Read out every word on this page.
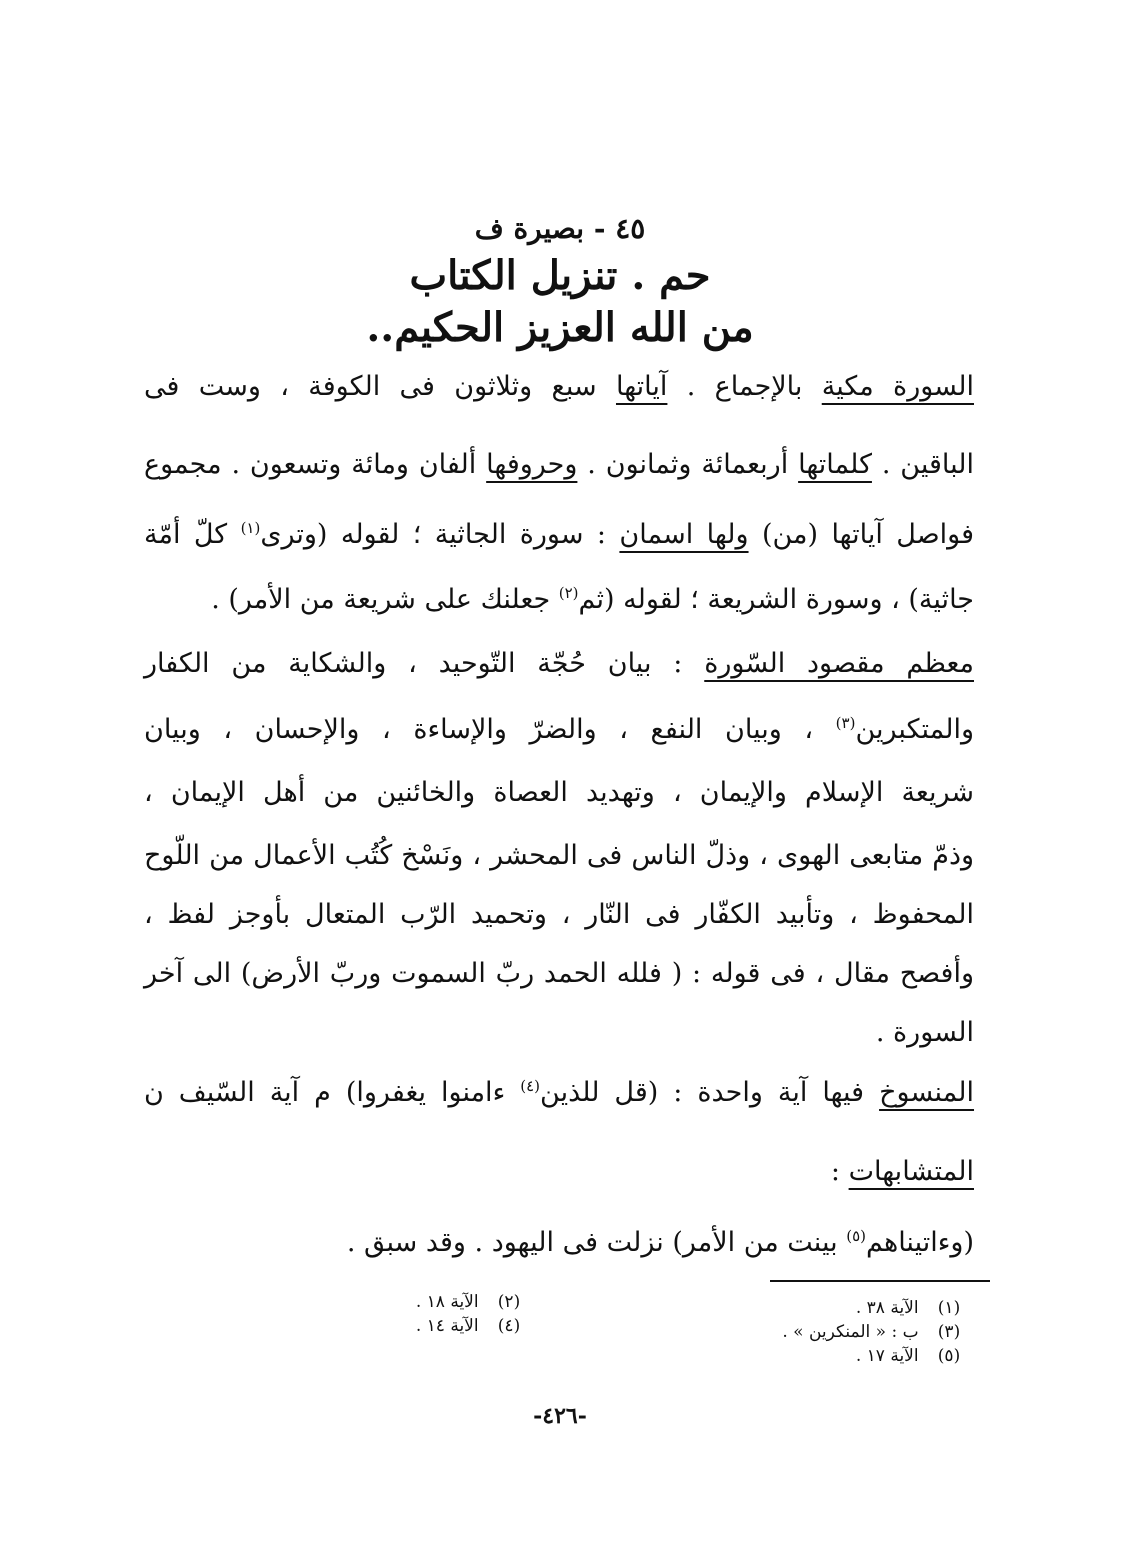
٤٥ - بصيرة ف
حم . تنزيل الكتاب
من الله العزيز الحكيم..
السورة مكية بالإجماع . آياتها سبع وثلاثون فى الكوفة ، وست فى
الباقين . كلماتها أربعمائة وثمانون . وحروفها ألفان ومائة وتسعون . مجموع
فواصل آياتها (من) ولها اسمان : سورة الجاثية ؛ لقوله (وترى$^{(١)}$ كلّ أمّة
جاثية) ، وسورة الشريعة ؛ لقوله (ثم$^{(٢)}$ جعلنك على شريعة من الأمر) .
معظم مقصود السّورة : بيان حُجّة التّوحيد ، والشكاية من الكفار
والمتكبرين$^{(٣)}$ ، وبيان النفع ، والضرّ والإساءة ، والإحسان ، وبيان
شريعة الإسلام والإيمان ، وتهديد العصاة والخائنين من أهل الإيمان ،
وذمّ متابعى الهوى ، وذلّ الناس فى المحشر ، ونَسْخ كُتُب الأعمال من اللّوح
المحفوظ ، وتأبيد الكفّار فى النّار ، وتحميد الرّب المتعال بأوجز لفظ ،
وأفصح مقال ، فى قوله : ( فلله الحمد ربّ السموت وربّ الأرض) الى آخر
السورة .
المنسوخ فيها آية واحدة : (قل للذين$^{(٤)}$ ءامنوا يغفروا) م آية السّيف ن
المتشابهات :
(وءاتيناهم$^{(٥)}$ بينت من الأمر) نزلت فى اليهود . وقد سبق .
(١) الآية ٣٨ .
(٣) ب : « المنكرين » .
(٥) الآية ١٧ .
(٢) الآية ١٨ .
(٤) الآية ١٤ .
-٤٢٦-
